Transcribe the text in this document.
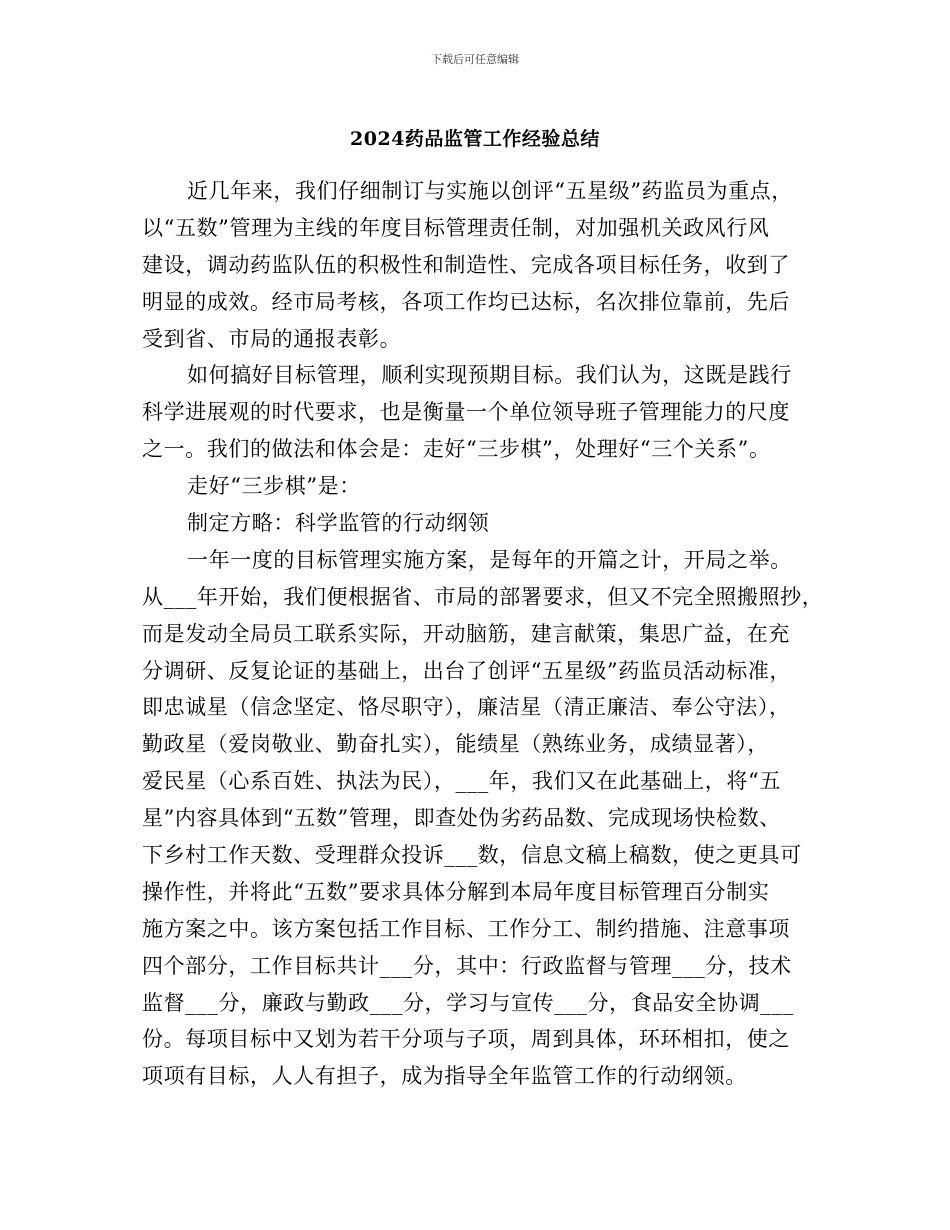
下载后可任意编辑
2024药品监管工作经验总结
近几年来，我们仔细制订与实施以创评“五星级”药监员为重点，
以“五数”管理为主线的年度目标管理责任制，对加强机关政风行风
建设，调动药监队伍的积极性和制造性、完成各项目标任务，收到了
明显的成效。经市局考核，各项工作均已达标，名次排位靠前，先后
受到省、市局的通报表彰。
如何搞好目标管理，顺利实现预期目标。我们认为，这既是践行
科学进展观的时代要求，也是衡量一个单位领导班子管理能力的尺度
之一。我们的做法和体会是：走好“三步棋”，处理好“三个关系”。
走好“三步棋”是：
制定方略：科学监管的行动纲领
一年一度的目标管理实施方案，是每年的开篇之计，开局之举。
从___年开始，我们便根据省、市局的部署要求，但又不完全照搬照抄，
而是发动全局员工联系实际，开动脑筋，建言献策，集思广益，在充
分调研、反复论证的基础上，出台了创评“五星级”药监员活动标准，
即忠诚星（信念坚定、恪尽职守），廉洁星（清正廉洁、奉公守法），
勤政星（爱岗敬业、勤奋扎实），能绩星（熟练业务，成绩显著），
爱民星（心系百姓、执法为民），___年，我们又在此基础上，将“五
星”内容具体到“五数”管理，即查处伪劣药品数、完成现场快检数、
下乡村工作天数、受理群众投诉___数，信息文稿上稿数，使之更具可
操作性，并将此“五数”要求具体分解到本局年度目标管理百分制实
施方案之中。该方案包括工作目标、工作分工、制约措施、注意事项
四个部分，工作目标共计___分，其中：行政监督与管理___分，技术
监督___分，廉政与勤政___分，学习与宣传___分，食品安全协调___
份。每项目标中又划为若干分项与子项，周到具体，环环相扣，使之
项项有目标，人人有担子，成为指导全年监管工作的行动纲领。
